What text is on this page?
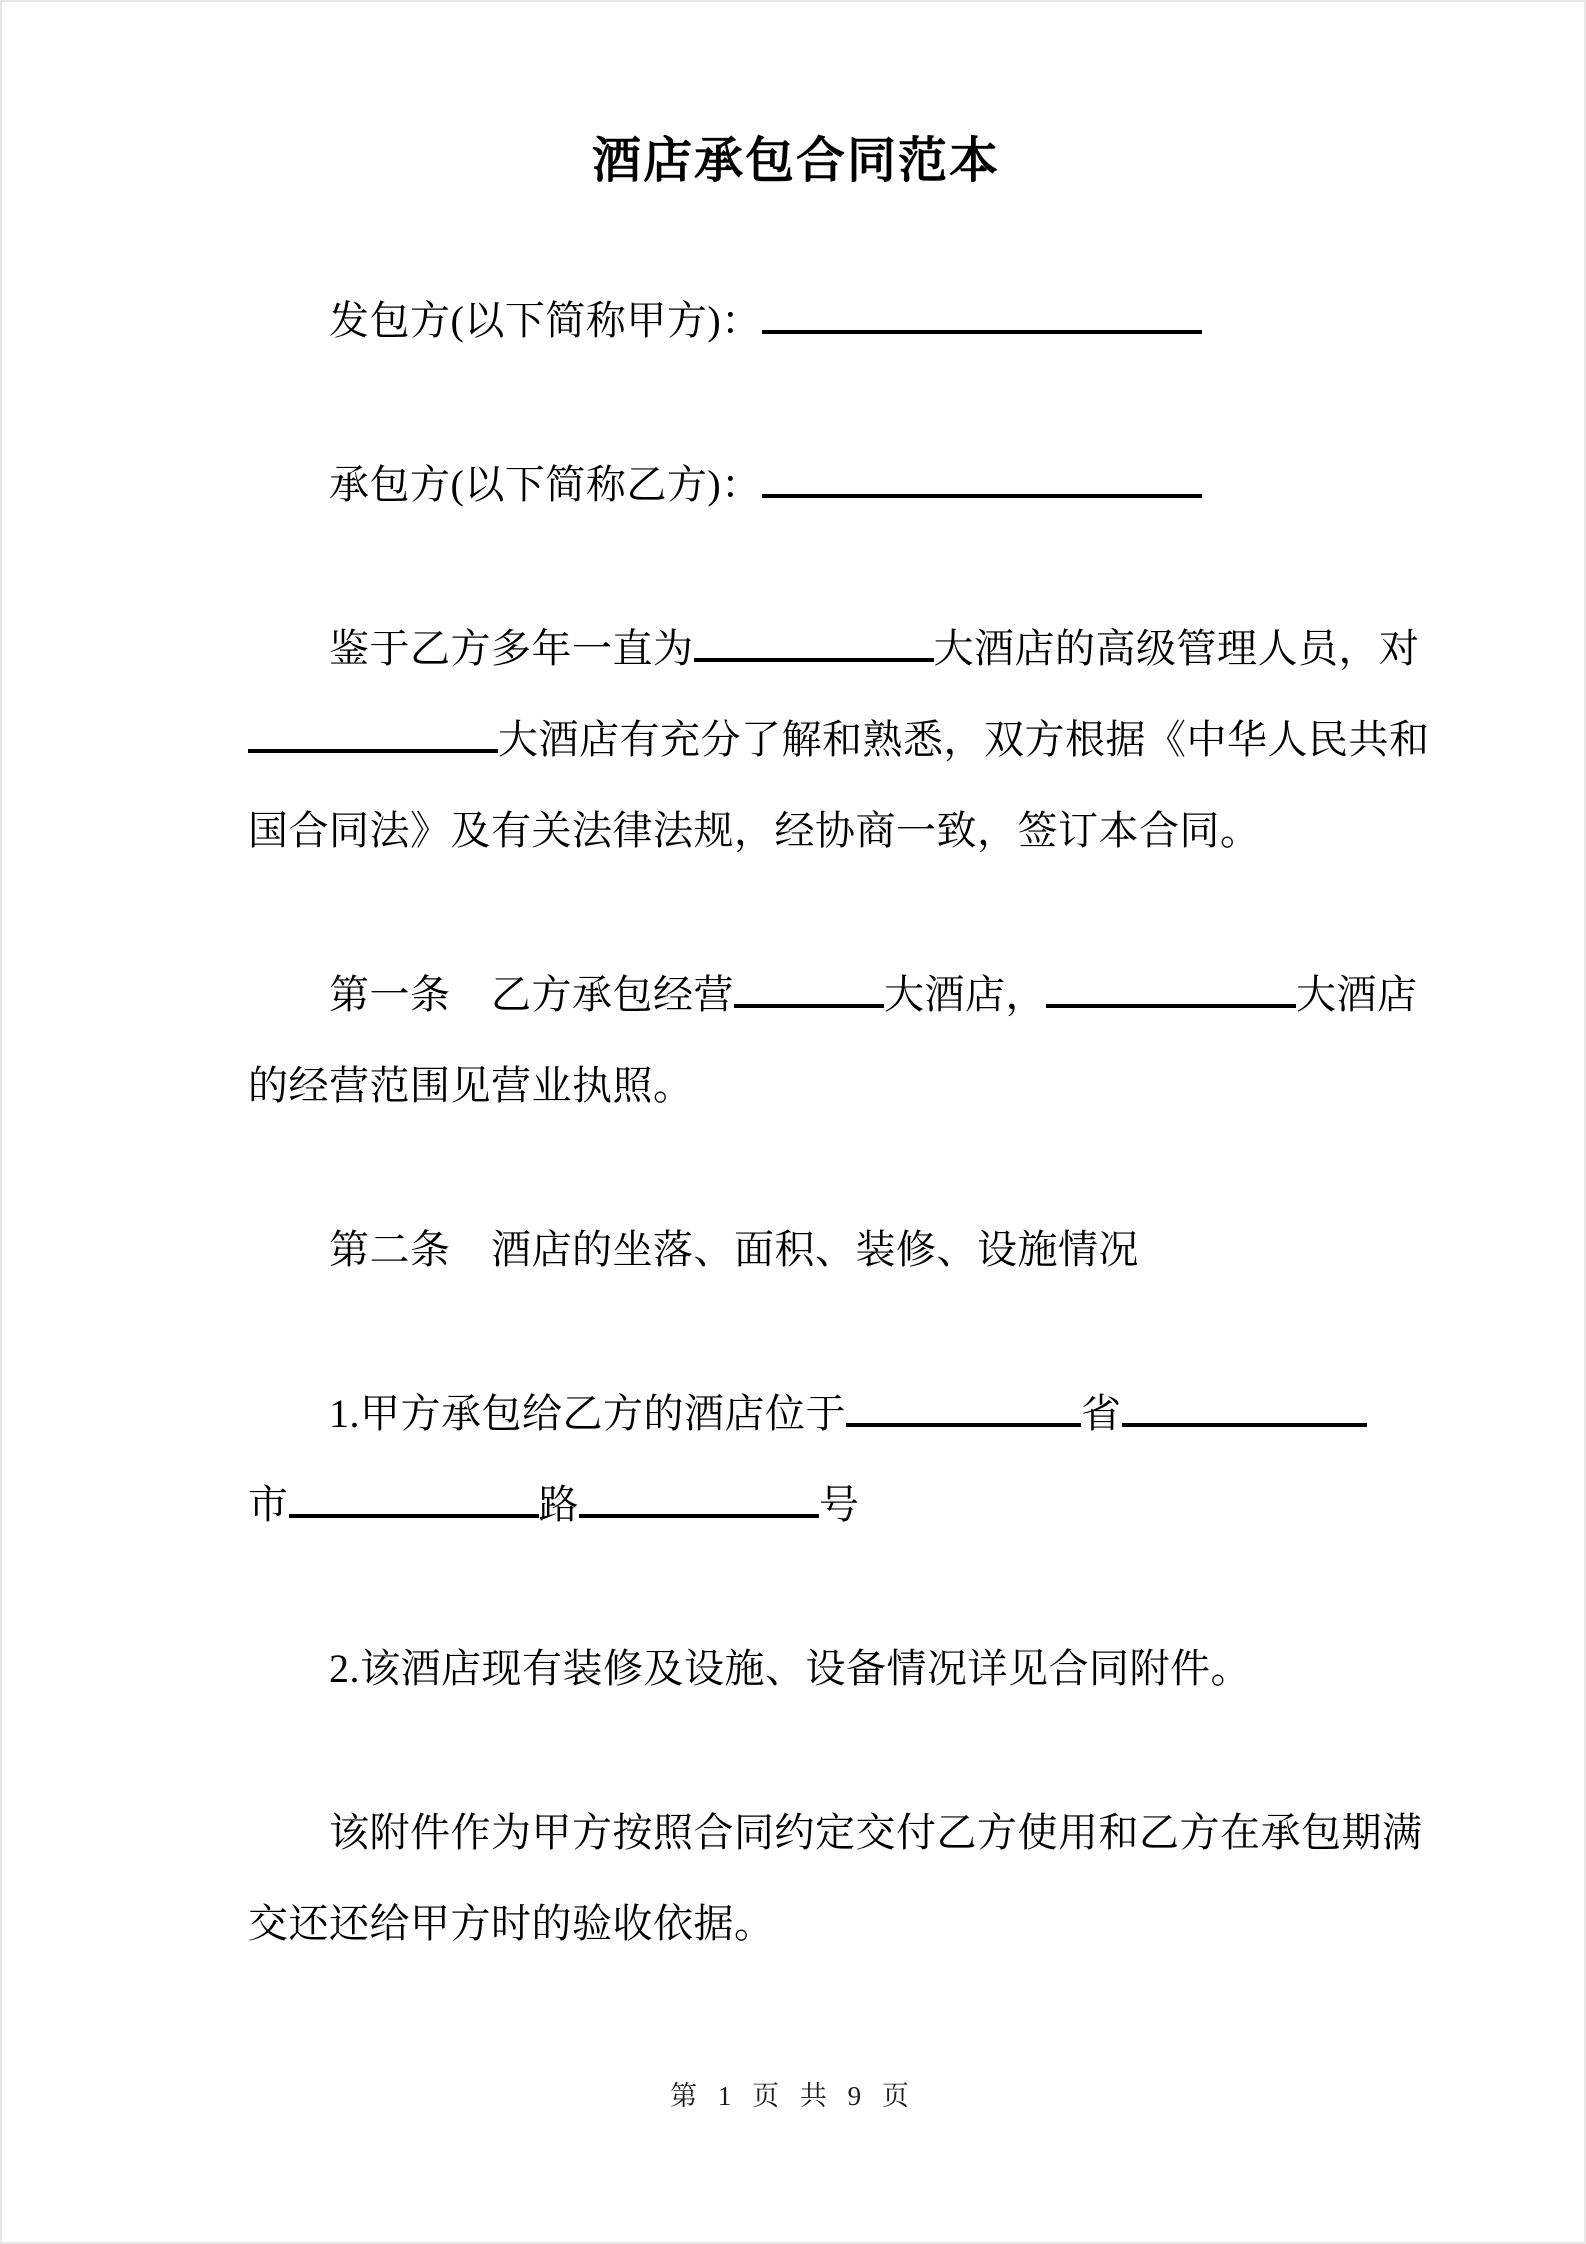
酒店承包合同范本
发包方(以下简称甲方)：
承包方(以下简称乙方)：
鉴于乙方多年一直为	大酒店的高级管理人员，对
大酒店有充分了解和熟悉，双方根据《中华人民共和
国合同法》及有关法律法规，经协商一致，签订本合同。
第一条　乙方承包经营	大酒店，	大酒店
的经营范围见营业执照。
第二条　酒店的坐落、面积、装修、设施情况
1.甲方承包给乙方的酒店位于	省
市	路	号
2.该酒店现有装修及设施、设备情况详见合同附件。
该附件作为甲方按照合同约定交付乙方使用和乙方在承包期满
交还还给甲方时的验收依据。
第 1 页 共 9 页
